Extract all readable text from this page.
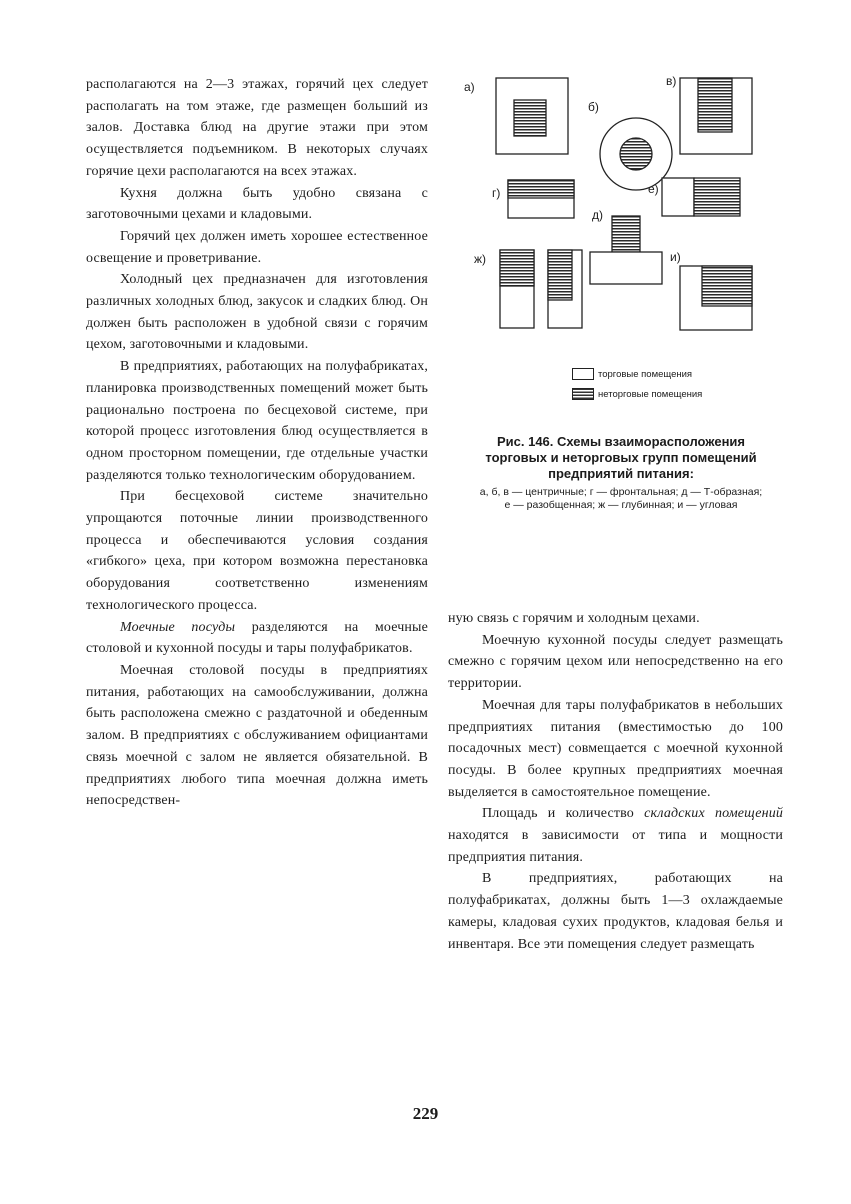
располагаются на 2—3 этажах, горячий цех следует располагать на том этаже, где размещен больший из залов. Доставка блюд на другие этажи при этом осуществляется подъемником. В некоторых случаях горячие цехи располагаются на всех этажах.

Кухня должна быть удобно связана с заготовочными цехами и кладовыми.

Горячий цех должен иметь хорошее естественное освещение и проветривание.

Холодный цех предназначен для изготовления различных холодных блюд, закусок и сладких блюд. Он должен быть расположен в удобной связи с горячим цехом, заготовочными и кладовыми.

В предприятиях, работающих на полуфабрикатах, планировка производственных помещений может быть рационально построена по бесцеховой системе, при которой процесс изготовления блюд осуществляется в одном просторном помещении, где отдельные участки разделяются только технологическим оборудованием.

При бесцеховой системе значительно упрощаются поточные линии производственного процесса и обеспечиваются условия создания «гибкого» цеха, при котором возможна перестановка оборудования соответственно изменениям технологического процесса.

Моечные посуды разделяются на моечные столовой и кухонной посуды и тары полуфабрикатов.

Моечная столовой посуды в предприятиях питания, работающих на самообслуживании, должна быть расположена смежно с раздаточной и обеденным залом. В предприятиях с обслуживанием официантами связь моечной с залом не является обязательной. В предприятиях любого типа моечная должна иметь непосредствен-

ную связь с горячим и холодным цехами.

Моечную кухонной посуды следует размещать смежно с горячим цехом или непосредственно на его территории.

Моечная для тары полуфабрикатов в небольших предприятиях питания (вместимостью до 100 посадочных мест) совмещается с моечной кухонной посуды. В более крупных предприятиях моечная выделяется в самостоятельное помещение.

Площадь и количество складских помещений находятся в зависимости от типа и мощности предприятия питания.

В предприятиях, работающих на полуфабрикатах, должны быть 1—3 охлаждаемые камеры, кладовая сухих продуктов, кладовая белья и инвентаря. Все эти помещения следует размещать

а)
б)
в)
г)	е)
д)
ж)	и)
торговые помещения
неторговые помещения
Рис. 146. Схемы взаиморасположения торговых и неторговых групп помещений предприятий питания:
а, б, в — центричные; г — фронтальная; д — Т-образная; е — разобщенная; ж — глубинная; и — угловая
229
